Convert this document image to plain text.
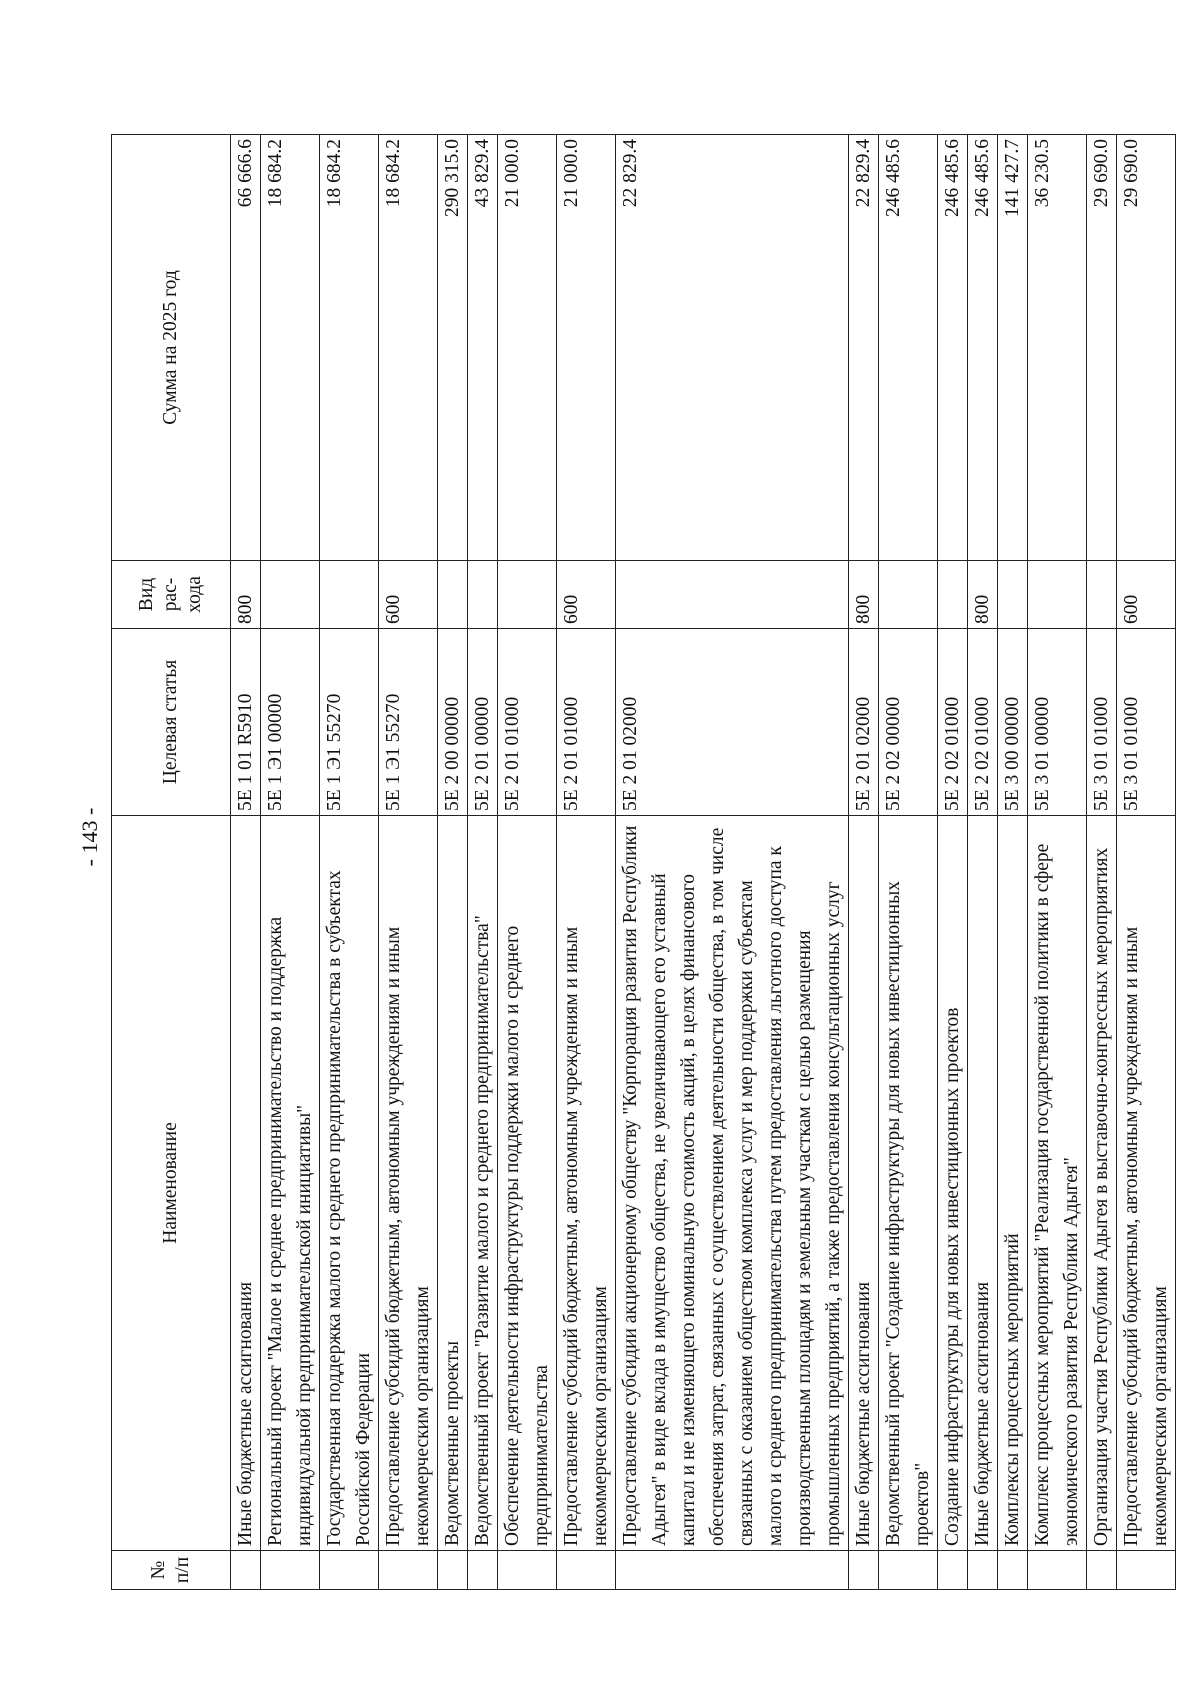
- 143 -
№ п/п	Наименование	Целевая статья	Вид рас-хода	Сумма на 2025 год
	Иные бюджетные ассигнования	5Е 1 01 R5910	800	66 666.6
	Региональный проект "Малое и среднее предпринимательство и поддержка индивидуальной предпринимательской инициативы"	5Е 1 Э1 00000		18 684.2
	Государственная поддержка малого и среднего предпринимательства в субъектах Российской Федерации	5Е 1 Э1 55270		18 684.2
	Предоставление субсидий бюджетным, автономным учреждениям и иным некоммерческим организациям	5Е 1 Э1 55270	600	18 684.2
	Ведомственные проекты	5Е 2 00 00000		290 315.0
	Ведомственный проект "Развитие малого и среднего предпринимательства"	5Е 2 01 00000		43 829.4
	Обеспечение деятельности инфраструктуры поддержки малого и среднего предпринимательства	5Е 2 01 01000		21 000.0
	Предоставление субсидий бюджетным, автономным учреждениям и иным некоммерческим организациям	5Е 2 01 01000	600	21 000.0
	Предоставление субсидии акционерному обществу "Корпорация развития Республики Адыгея" в виде вклада в имущество общества, не увеличивающего его уставный капитал и не изменяющего номинальную стоимость акций, в целях финансового обеспечения затрат, связанных с осуществлением деятельности общества, в том числе связанных с оказанием обществом комплекса услуг и мер поддержки субъектам малого и среднего предпринимательства путем предоставления льготного доступа к производственным площадям и земельным участкам с целью размещения промышленных предприятий, а также предоставления консультационных услуг	5Е 2 01 02000		22 829.4
	Иные бюджетные ассигнования	5Е 2 01 02000	800	22 829.4
	Ведомственный проект "Создание инфраструктуры для новых инвестиционных проектов"	5Е 2 02 00000		246 485.6
	Создание инфраструктуры для новых инвестиционных проектов	5Е 2 02 01000		246 485.6
	Иные бюджетные ассигнования	5Е 2 02 01000	800	246 485.6
	Комплексы процессных мероприятий	5Е 3 00 00000		141 427.7
	Комплекс процессных мероприятий "Реализация государственной политики в сфере экономического развития Республики Адыгея"	5Е 3 01 00000		36 230.5
	Организация участия Республики Адыгея в выставочно-конгрессных мероприятиях	5Е 3 01 01000		29 690.0
	Предоставление субсидий бюджетным, автономным учреждениям и иным некоммерческим организациям	5Е 3 01 01000	600	29 690.0
